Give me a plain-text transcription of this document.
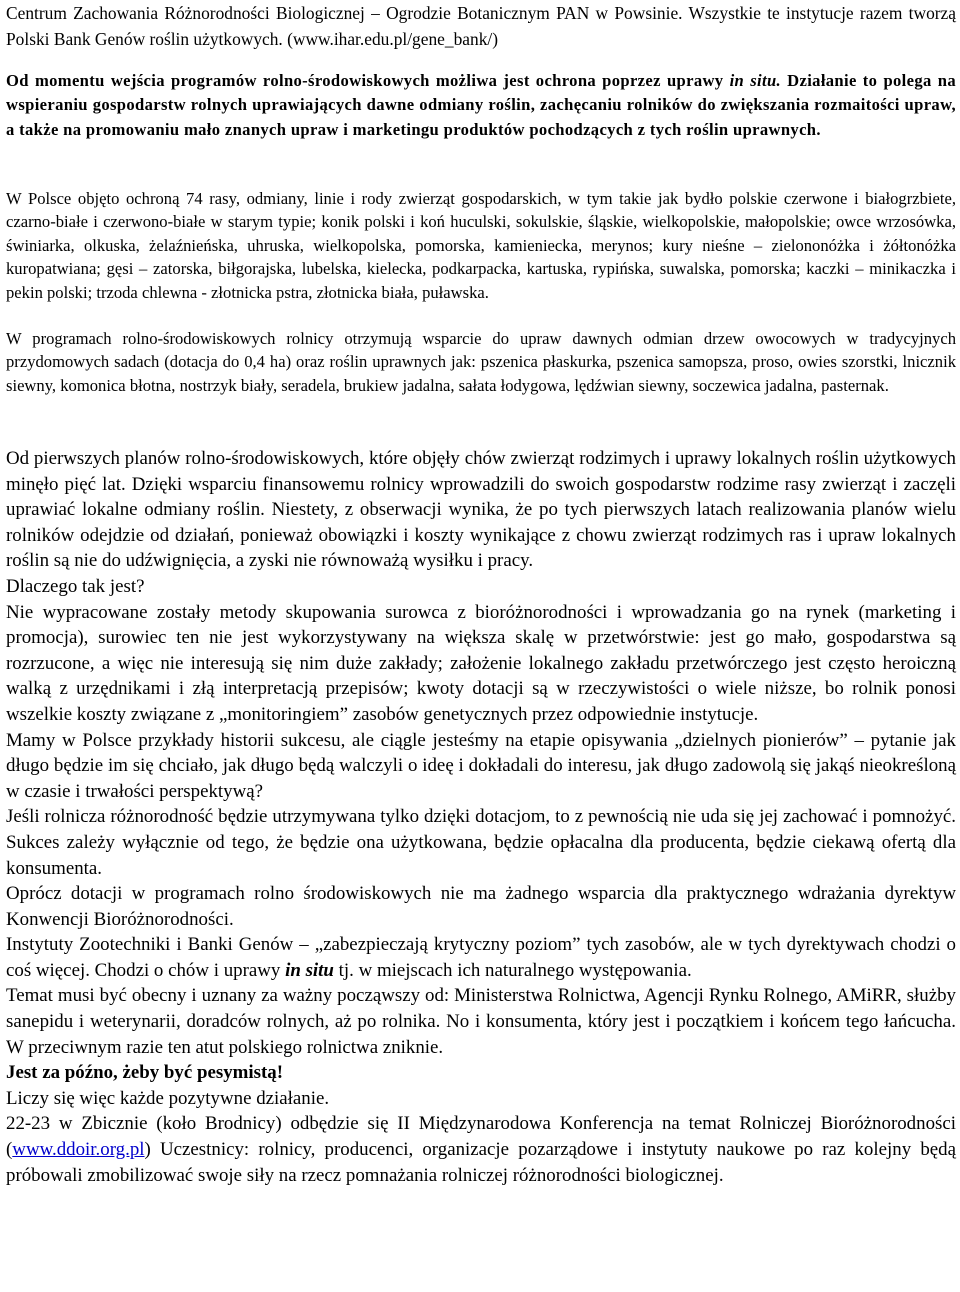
Centrum Zachowania Różnorodności Biologicznej – Ogrodzie Botanicznym PAN w Powsinie. Wszystkie te instytucje razem tworzą Polski Bank Genów roślin użytkowych. (www.ihar.edu.pl/gene_bank/)

Od momentu wejścia programów rolno-środowiskowych możliwa jest ochrona poprzez uprawy in situ. Działanie to polega na wspieraniu gospodarstw rolnych uprawiających dawne odmiany roślin, zachęcaniu rolników do zwiększania rozmaitości upraw, a także na promowaniu mało znanych upraw i marketingu produktów pochodzących z tych roślin uprawnych.

W Polsce objęto ochroną 74 rasy, odmiany, linie i rody zwierząt gospodarskich, w tym takie jak bydło polskie czerwone i białogrzbiete, czarno-białe i czerwono-białe w starym typie; konik polski i koń huculski, sokulskie, śląskie, wielkopolskie, małopolskie; owce wrzosówka, świniarka, olkuska, żelaźnieńska, uhruska, wielkopolska, pomorska, kamieniecka, merynos; kury nieśne – zielononóżka i żółtonóżka kuropatwiana; gęsi – zatorska, biłgorajska, lubelska, kielecka, podkarpacka, kartuska, rypińska, suwalska, pomorska; kaczki – minikaczka i pekin polski; trzoda chlewna - złotnicka pstra, złotnicka biała, puławska.

W programach rolno-środowiskowych rolnicy otrzymują wsparcie do upraw dawnych odmian drzew owocowych w tradycyjnych przydomowych sadach (dotacja do 0,4 ha) oraz roślin uprawnych jak: pszenica płaskurka, pszenica samopsza, proso, owies szorstki, lnicznik siewny, komonica błotna, nostrzyk biały, seradela, brukiew jadalna, sałata łodygowa, lędźwian siewny, soczewica jadalna, pasternak.

Od pierwszych planów rolno-środowiskowych, które objęły chów zwierząt rodzimych i uprawy lokalnych roślin użytkowych minęło pięć lat. Dzięki wsparciu finansowemu rolnicy wprowadzili do swoich gospodarstw rodzime rasy zwierząt i zaczęli uprawiać lokalne odmiany roślin. Niestety, z obserwacji wynika, że po tych pierwszych latach realizowania planów wielu rolników odejdzie od działań, ponieważ obowiązki i koszty wynikające z chowu zwierząt rodzimych ras i upraw lokalnych roślin są nie do udźwignięcia, a zyski nie równoważą wysiłku i pracy.

Dlaczego tak jest?

Nie wypracowane zostały metody skupowania surowca z bioróżnorodności i wprowadzania go na rynek (marketing i promocja), surowiec ten nie jest wykorzystywany na większa skalę w przetwórstwie: jest go mało, gospodarstwa są rozrzucone, a więc nie interesują się nim duże zakłady; założenie lokalnego zakładu przetwórczego jest często heroiczną walką z urzędnikami i złą interpretacją przepisów; kwoty dotacji są w rzeczywistości o wiele niższe, bo rolnik ponosi wszelkie koszty związane z „monitoringiem” zasobów genetycznych przez odpowiednie instytucje.

Mamy w Polsce przykłady historii sukcesu, ale ciągle jesteśmy na etapie opisywania „dzielnych pionierów” – pytanie jak długo będzie im się chciało, jak długo będą walczyli o ideę i dokładali do interesu, jak długo zadowolą się jakąś nieokreśloną w czasie i trwałości perspektywą?

Jeśli rolnicza różnorodność będzie utrzymywana tylko dzięki dotacjom, to z pewnością nie uda się jej zachować i pomnożyć. Sukces zależy wyłącznie od tego, że będzie ona użytkowana, będzie opłacalna dla producenta, będzie ciekawą ofertą dla konsumenta.

Oprócz dotacji w programach rolno środowiskowych nie ma żadnego wsparcia dla praktycznego wdrażania dyrektyw Konwencji Bioróżnorodności.

Instytuty Zootechniki i Banki Genów – „zabezpieczają krytyczny poziom” tych zasobów, ale w tych dyrektywach chodzi o coś więcej. Chodzi o chów i uprawy in situ tj. w miejscach ich naturalnego występowania.

Temat musi być obecny i uznany za ważny począwszy od: Ministerstwa Rolnictwa, Agencji Rynku Rolnego, AMiRR, służby sanepidu i weterynarii, doradców rolnych, aż po rolnika. No i konsumenta, który jest i początkiem i końcem tego łańcucha. W przeciwnym razie ten atut polskiego rolnictwa zniknie.

Jest za późno, żeby być pesymistą!

Liczy się więc każde pozytywne działanie.

22-23 w Zbicznie (koło Brodnicy) odbędzie się II Międzynarodowa Konferencja na temat Rolniczej Bioróżnorodności (www.ddoir.org.pl) Uczestnicy: rolnicy, producenci, organizacje pozarządowe i instytuty naukowe po raz kolejny będą próbowali zmobilizować swoje siły na rzecz pomnażania rolniczej różnorodności biologicznej.
